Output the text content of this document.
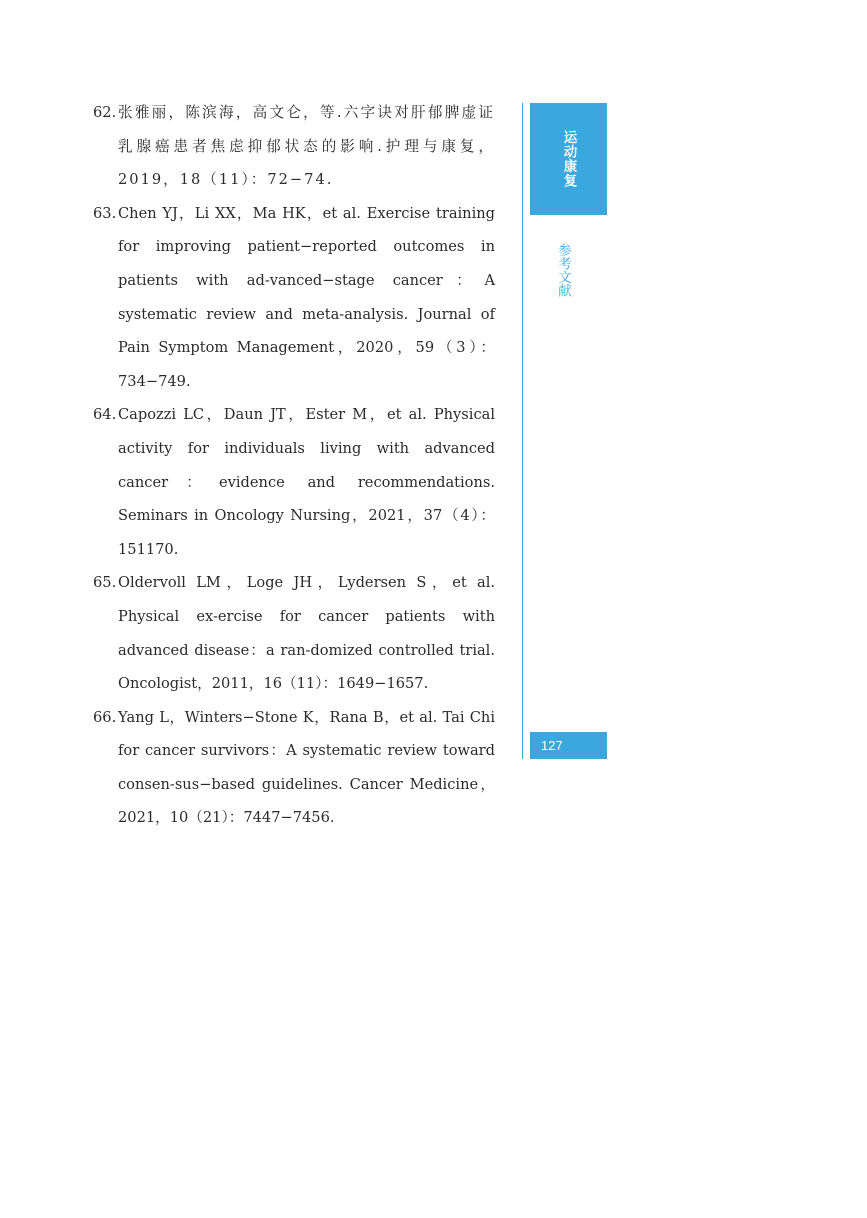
62. 张雅丽，陈滨海，高文仑，等.六字诀对肝郁脾虚证乳腺癌患者焦虑抑郁状态的影响.护理与康复，2019，18（11）：72−74.
63. Chen YJ，Li XX，Ma HK，et al. Exercise training for improving patient−reported outcomes in patients with ad-vanced−stage cancer：A systematic review and meta-analysis. Journal of Pain Symptom Management，2020，59（3）：734−749.
64. Capozzi LC，Daun JT，Ester M，et al. Physical activity for individuals living with advanced cancer：evidence and recommendations. Seminars in Oncology Nursing，2021，37（4）：151170.
65. Oldervoll LM，Loge JH，Lydersen S，et al. Physical ex-ercise for cancer patients with advanced disease：a ran-domized controlled trial. Oncologist，2011，16（11）：1649−1657.
66. Yang L，Winters−Stone K，Rana B，et al. Tai Chi for cancer survivors：A systematic review toward consen-sus−based guidelines. Cancer Medicine，2021，10（21）：7447−7456.
运动康复
参考文献
127
